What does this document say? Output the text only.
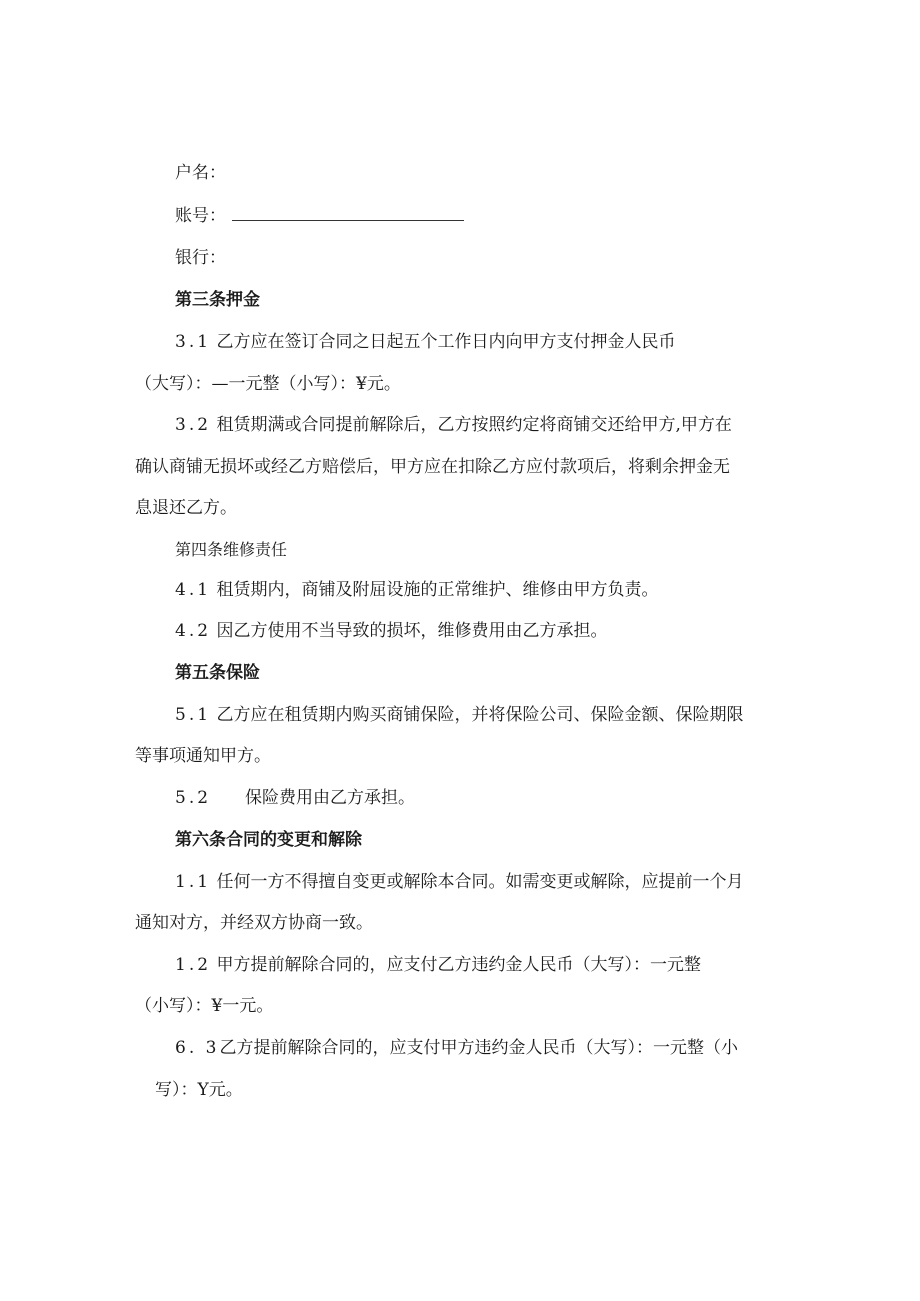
户名：
账号：
银行：
第三条押金
3.1 乙方应在签订合同之日起五个工作日内向甲方支付押金人民币
（大写）：—一元整（小写）：¥元。
3.2 租赁期满或合同提前解除后，乙方按照约定将商铺交还给甲方,甲方在
确认商铺无损坏或经乙方赔偿后，甲方应在扣除乙方应付款项后，将剩余押金无
息退还乙方。
第四条维修责任
4.1 租赁期内，商铺及附屈设施的正常维护、维修由甲方负责。
4.2 因乙方使用不当导致的损坏，维修费用由乙方承担。
第五条保险
5.1 乙方应在租赁期内购买商铺保险，并将保险公司、保险金额、保险期限
等事项通知甲方。
5.2 保险费用由乙方承担。
第六条合同的变更和解除
1.1 任何一方不得擅自变更或解除本合同。如需变更或解除，应提前一个月
通知对方，并经双方协商一致。
1.2 甲方提前解除合同的，应支付乙方违约金人民币（大写）：一元整
（小写）：¥一元。
6. 3乙方提前解除合同的，应支付甲方违约金人民币（大写）：一元整（小
写）：Y元。
